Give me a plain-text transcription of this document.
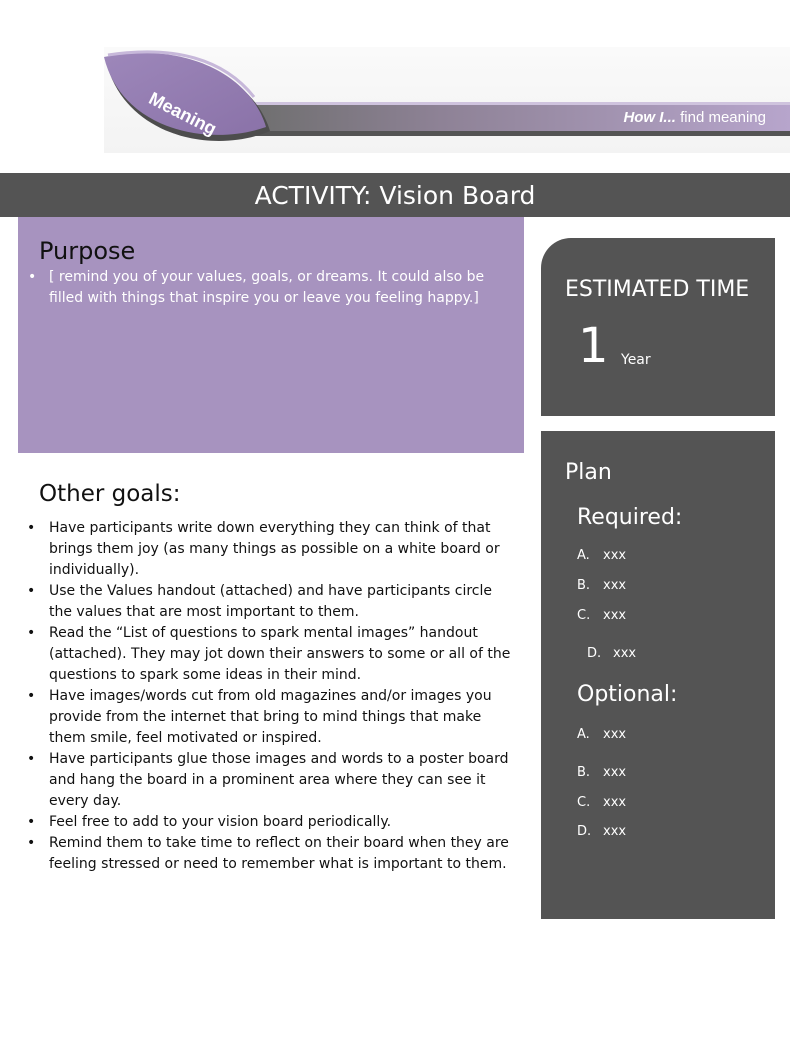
Meaning	How I... find meaning
ACTIVITY: Vision Board
Purpose
• [ remind you of your values, goals, or dreams. It could also be filled with things that inspire you or leave you feeling happy.]
Other goals:
• Have participants write down everything they can think of that brings them joy (as many things as possible on a white board or individually).
• Use the Values handout (attached) and have participants circle the values that are most important to them.
• Read the “List of questions to spark mental images” handout (attached). They may jot down their answers to some or all of the questions to spark some ideas in their mind.
• Have images/words cut from old magazines and/or images you provide from the internet that bring to mind things that make them smile, feel motivated or inspired.
• Have participants glue those images and words to a poster board and hang the board in a prominent area where they can see it every day.
• Feel free to add to your vision board periodically.
• Remind them to take time to reflect on their board when they are feeling stressed or need to remember what is important to them.
ESTIMATED TIME
1 Year
Plan
Required:
A. xxx
B. xxx
C. xxx
D. xxx
Optional:
A. xxx
B. xxx
C. xxx
D. xxx
